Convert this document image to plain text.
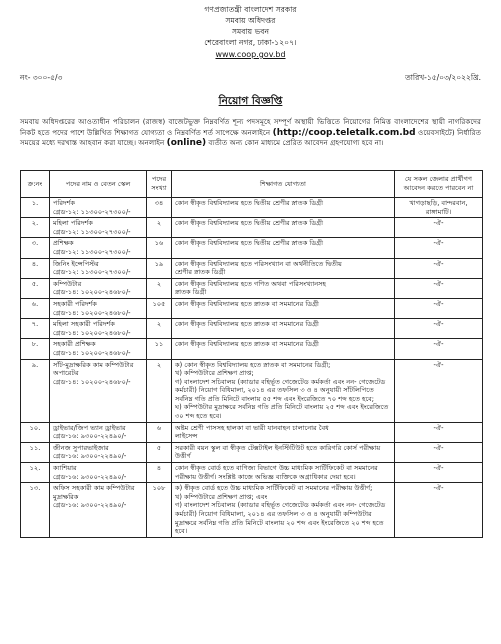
গণপ্রজাতন্ত্রী বাংলাদেশ সরকার
সমবায় অধিদপ্তর
সমবায় ভবন
শেরেবাংলা নগর, ঢাকা-১২০৭।
www.coop.gov.bd
নং- ৩০০-৫/৩	তারিখ-১৫/০৩/২০২২খ্রি.
নিয়োগ বিজ্ঞপ্তি
সমবায় অধিদপ্তরের আওতাধীন পরিচালন (রাজস্ব) বাজেটভুক্ত নিম্নবর্ণিত শূন্য পদসমূহে সম্পূর্ণ অস্থায়ী ভিত্তিতে নিয়োগের নিমিত্ত বাংলাদেশের স্থায়ী নাগরিকদের নিকট হতে পদের পাশে উল্লিখিত শিক্ষাগত যোগ্যতা ও নিম্নবর্ণিত শর্ত সাপেক্ষে অনলাইনে (http://coop.teletalk.com.bd ওয়েবসাইটে) নির্ধারিত সময়ের মধ্যে দরখাস্ত আহবান করা যাচ্ছে। অনলাইন (online) ব্যতীত অন্য কোন মাধ্যমে প্রেরিত আবেদন গ্রহণযোগ্য হবে না।
ক্র:নং	পদের নাম ও বেতন স্কেল	পদের সংখ্যা	শিক্ষাগত যোগ্যতা	যে সকল জেলার প্রার্থীগণ আবেদন করতে পারবেন না
১.	পরিদর্শক
গ্রেড-১২: ১১৩০০-২৭৩০০/-	৩৪	কোন স্বীকৃত বিশ্ববিদ্যালয় হতে দ্বিতীয় শ্রেণীর স্নাতক ডিগ্রী	খাগড়াছড়ি, বান্দরবান, রাঙ্গামাটি।
২.	মহিলা পরিদর্শক
গ্রেড-১২: ১১৩০০-২৭৩০০/-	২	কোন স্বীকৃত বিশ্ববিদ্যালয় হতে দ্বিতীয় শ্রেণীর স্নাতক ডিগ্রী	-ঐ-
৩.	প্রশিক্ষক
গ্রেড-১২: ১১৩০০-২৭৩০০/-	১৬	কোন স্বীকৃত বিশ্ববিদ্যালয় হতে দ্বিতীয় শ্রেণীর স্নাতক ডিগ্রী	-ঐ-
৪.	জিনিং ইন্সেপিস্টর
গ্রেড-১২: ১১৩০০-২৭৩০০/-	১৯	কোন স্বীকৃত বিশ্ববিদ্যালয় হতে পরিসংখ্যান বা অর্থনীতিতে দ্বিতীয়
শ্রেণীর স্নাতক ডিগ্রী	-ঐ-
৫.	কম্পিউটার
গ্রেড-১৪: ১০২০০-২৪৬৮০/-	২	কোন স্বীকৃত বিশ্ববিদ্যালয় হতে গণিত অথবা পরিসংখ্যানসহ
স্নাতক ডিগ্রী	-ঐ-
৬.	সহকারী পরিদর্শক
গ্রেড-১৪: ১০২০০-২৪৬৮০/-	১০৫	কোন স্বীকৃত বিশ্ববিদ্যালয় হতে স্নাতক বা সমমানের ডিগ্রী	-ঐ-
৭.	মহিলা সহকারী পরিদর্শক
গ্রেড-১৪: ১০২০০-২৪৬৮০/-	২	কোন স্বীকৃত বিশ্ববিদ্যালয় হতে স্নাতক বা সমমানের ডিগ্রী	-ঐ-
৮.	সহকারী প্রশিক্ষক
গ্রেড-১৪: ১০২০০-২৪৬৮০/-	১১	কোন স্বীকৃত বিশ্ববিদ্যালয় হতে স্নাতক বা সমমানের ডিগ্রী	-ঐ-
৯.	সাঁট-মুদ্রাক্ষরিক কাম কম্পিউটার অপারেটর
গ্রেড-১৪: ১০২০০-২৪৬৮০/-	২	ক) কোন স্বীকৃত বিশ্ববিদ্যালয় হতে স্নাতক বা সমমানের ডিগ্রী;
খ) কম্পিউটারে প্রশিক্ষণ প্রাপ্ত;
গ) বাংলাদেশ সচিবালয় (ক্যাডার বহির্ভূত গেজেটেড কর্মকর্তা এবং নন- গেজেটেড কর্মচারী) নিয়োগ বিধিমালা, ২০১৪ এর তফসিল ৩ ও ৪ অনুযায়ী সাঁটলিপিতে সর্বনিম্ন গতি প্রতি মিনিটে বাংলায় ৫৫ শব্দ এবং ইংরেজিতে ৭০ শব্দ হতে হবে;
ঘ) কম্পিউটার মুদ্রাক্ষরে সর্বনিম্ন গতি প্রতি মিনিটে বাংলায় ২৫ শব্দ এবং ইংরেজিতে ৩০ শব্দ হতে হবে।	-ঐ-
১০.	ড্রাইভার/জিপ ভ্যান ড্রাইভার
গ্রেড-১৬: ৯৩০০-২২৪৯০/-	৬	অষ্টম শ্রেণী পাসসহ হালকা বা ভারী যানবাহন চালানোর বৈধ
লাইসেন্স	-ঐ-
১১.	জীনজ সুপারভাইজার
গ্রেড-১৬: ৯৩০০-২২৪৯০/-	৫	সরকারী বয়ন স্কুল বা স্বীকৃত টেক্সটাইল ইনস্টিটিউট হতে কারিগরি কোর্স পরীক্ষায় উত্তীর্ণ	-ঐ-
১২.	ক্যাশিয়ার
গ্রেড-১৬: ৯৩০০-২২৪৯০/-	৪	কোন স্বীকৃত বোর্ড হতে বাণিজ্য বিভাগে উচ্চ মাধ্যমিক সার্টিফিকেট বা সমমানের পরীক্ষায় উত্তীর্ণ। সংশ্লিষ্ট কাজে অভিজ্ঞ ব্যক্তিকে অগ্রাধিকার দেয়া হবে।	-ঐ-
১৩.	অফিস সহকারী কাম কম্পিউটার মুদ্রাক্ষরিক
গ্রেড-১৬: ৯৩০০-২২৪৯০/-	১০৮	ক) স্বীকৃত বোর্ড হতে উচ্চ মাধ্যমিক সার্টিফিকেট বা সমমানের পরীক্ষায় উত্তীর্ণ;
খ) কম্পিউটারে প্রশিক্ষণ প্রাপ্ত; এবং
গ) বাংলাদেশ সচিবালয় (ক্যাডার বহির্ভূত গেজেটেড কর্মকর্তা এবং নন- গেজেটেড কর্মচারী) নিয়োগ বিধিমালা, ২০১৪ এর তফসিল ৩ ও ৪ অনুযায়ী কম্পিউটার মুদ্রাক্ষরে সর্বনিম্ন গতি প্রতি মিনিটে বাংলায় ২০ শব্দ এবং ইংরেজিতে ২০ শব্দ হতে হবে।	-ঐ-
